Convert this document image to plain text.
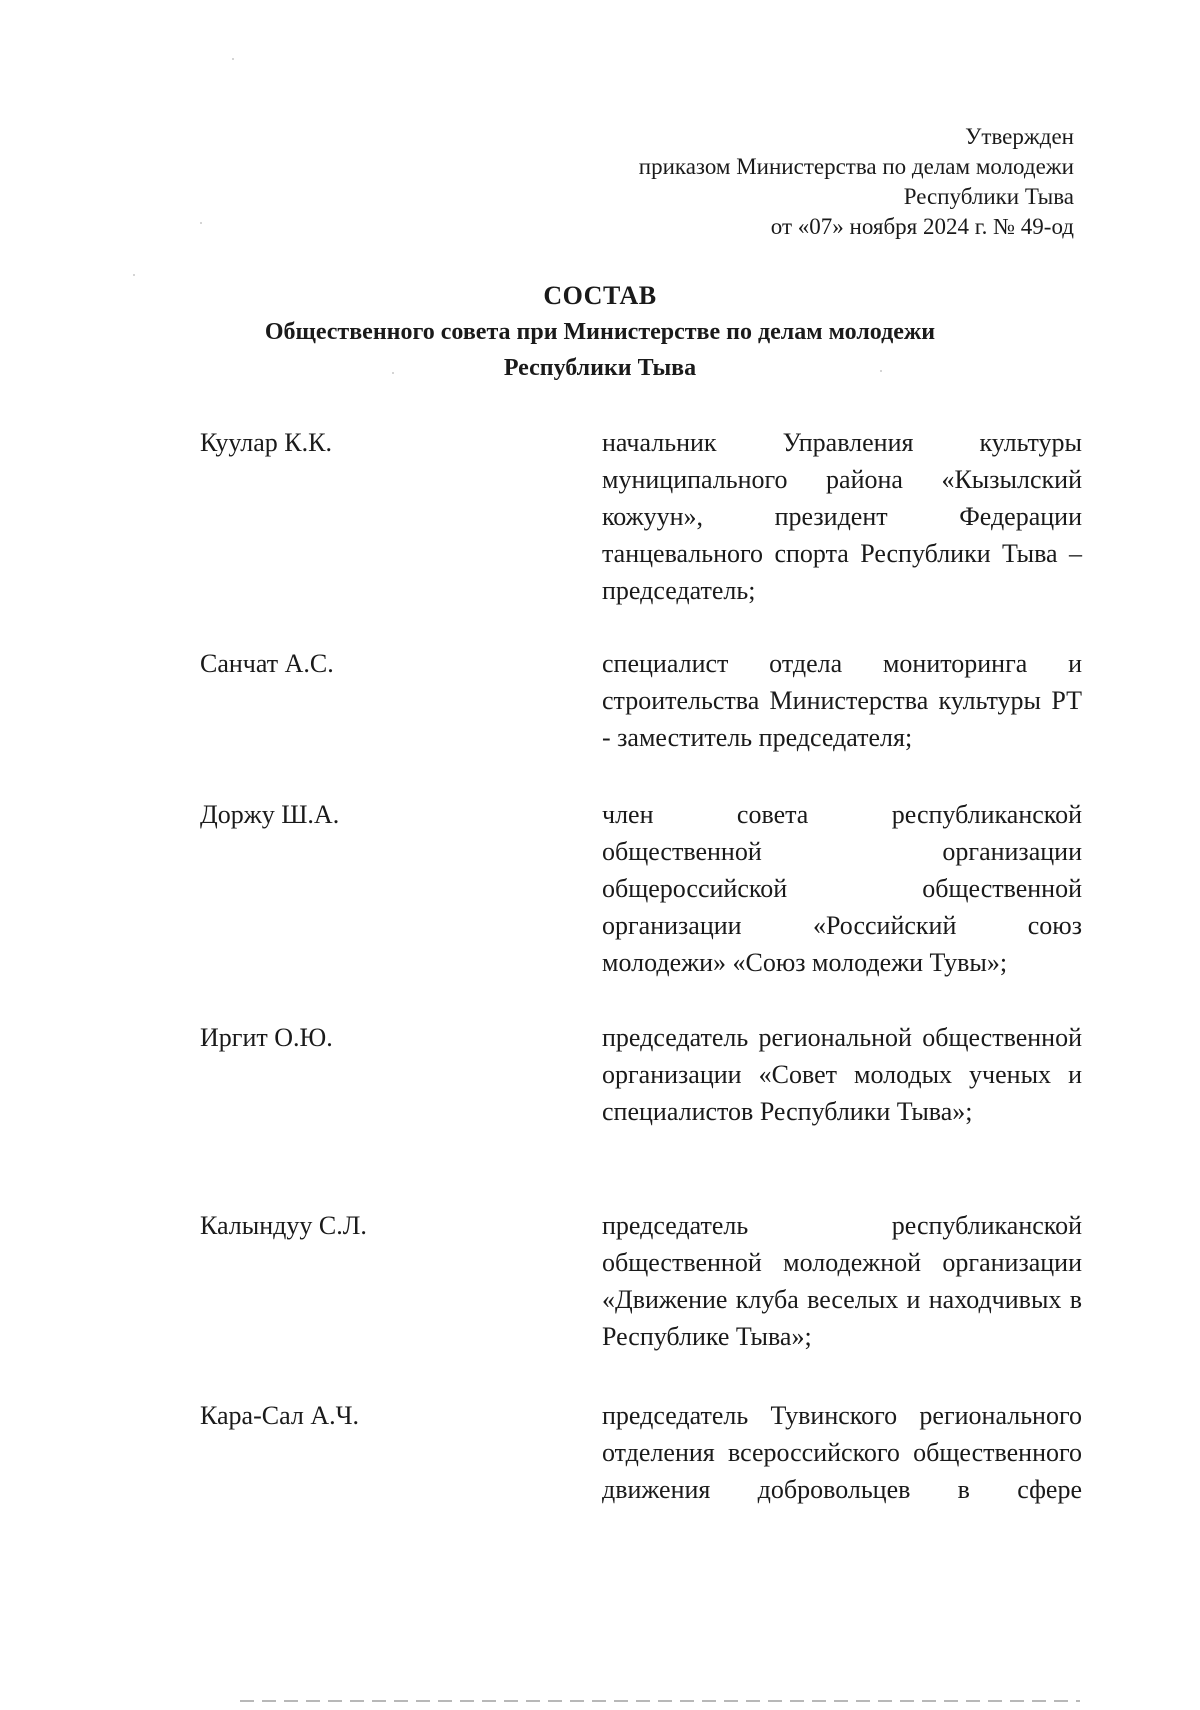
Утвержден
приказом Министерства по делам молодежи
Республики Тыва
от «07» ноября 2024 г. № 49-од
СОСТАВ
Общественного совета при Министерстве по делам молодежи
Республики Тыва
Куулар К.К.	начальник Управления культуры муниципального района «Кызылский кожуун», президент Федерации танцевального спорта Республики Тыва – председатель;
Санчат А.С.	специалист отдела мониторинга и строительства Министерства культуры РТ - заместитель председателя;
Доржу Ш.А.	член совета республиканской общественной организации общероссийской общественной организации «Российский союз молодежи» «Союз молодежи Тувы»;
Иргит О.Ю.	председатель региональной общественной организации «Совет молодых ученых и специалистов Республики Тыва»;
Калындуу С.Л.	председатель республиканской общественной молодежной организации «Движение клуба веселых и находчивых в Республике Тыва»;
Кара-Сал А.Ч.	председатель Тувинского регионального отделения всероссийского общественного движения добровольцев в сфере
